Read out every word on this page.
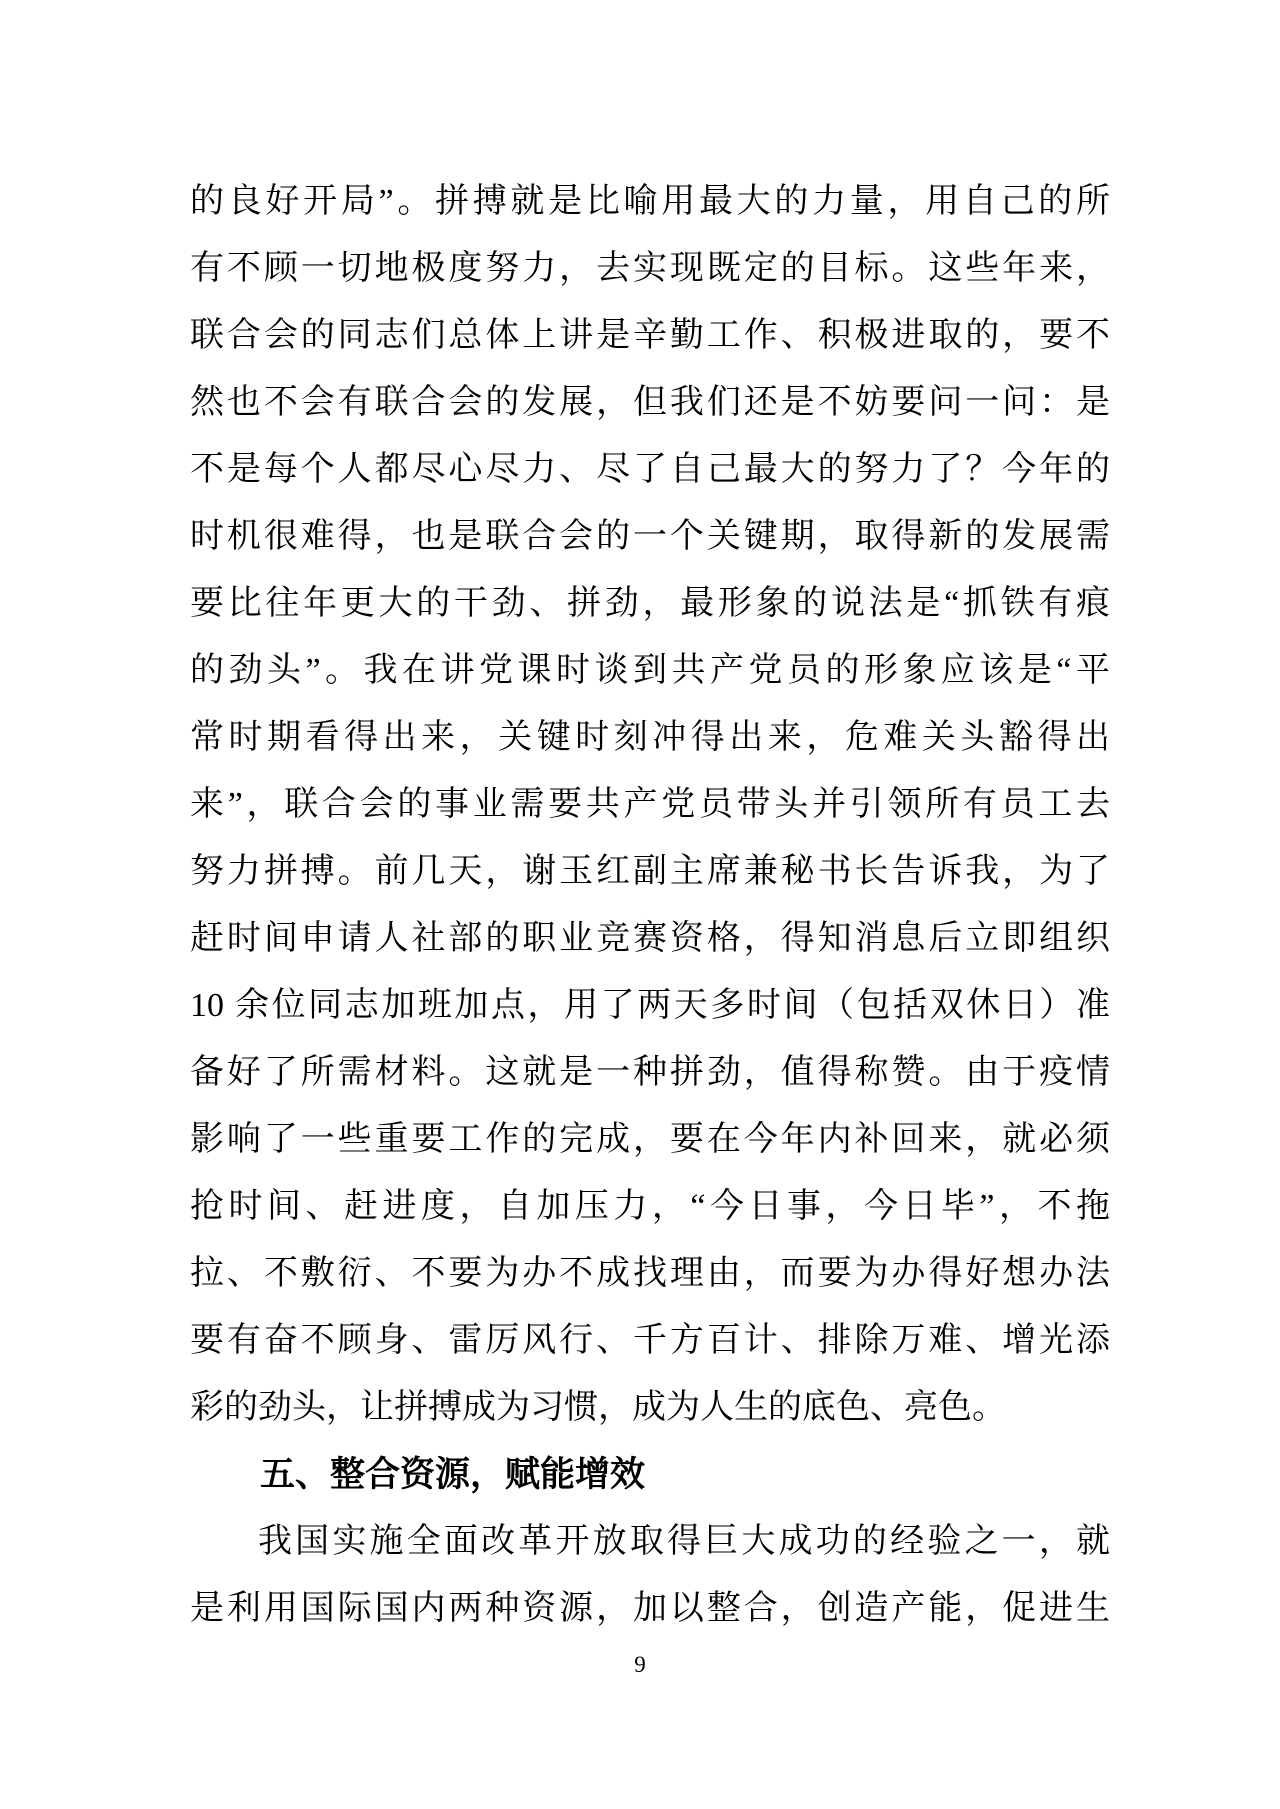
的良好开局”。拼搏就是比喻用最大的力量，用自己的所
有不顾一切地极度努力，去实现既定的目标。这些年来，
联合会的同志们总体上讲是辛勤工作、积极进取的，要不
然也不会有联合会的发展，但我们还是不妨要问一问：是
不是每个人都尽心尽力、尽了自己最大的努力了？今年的
时机很难得，也是联合会的一个关键期，取得新的发展需
要比往年更大的干劲、拼劲，最形象的说法是“抓铁有痕
的劲头”。我在讲党课时谈到共产党员的形象应该是“平
常时期看得出来，关键时刻冲得出来，危难关头豁得出
来”，联合会的事业需要共产党员带头并引领所有员工去
努力拼搏。前几天，谢玉红副主席兼秘书长告诉我，为了
赶时间申请人社部的职业竞赛资格，得知消息后立即组织
10 余位同志加班加点，用了两天多时间（包括双休日）准
备好了所需材料。这就是一种拼劲，值得称赞。由于疫情
影响了一些重要工作的完成，要在今年内补回来，就必须
抢时间、赶进度，自加压力，“今日事，今日毕”，不拖
拉、不敷衍、不要为办不成找理由，而要为办得好想办法
要有奋不顾身、雷厉风行、千方百计、排除万难、增光添
彩的劲头，让拼搏成为习惯，成为人生的底色、亮色。
五、整合资源，赋能增效
我国实施全面改革开放取得巨大成功的经验之一，就
是利用国际国内两种资源，加以整合，创造产能，促进生
9
